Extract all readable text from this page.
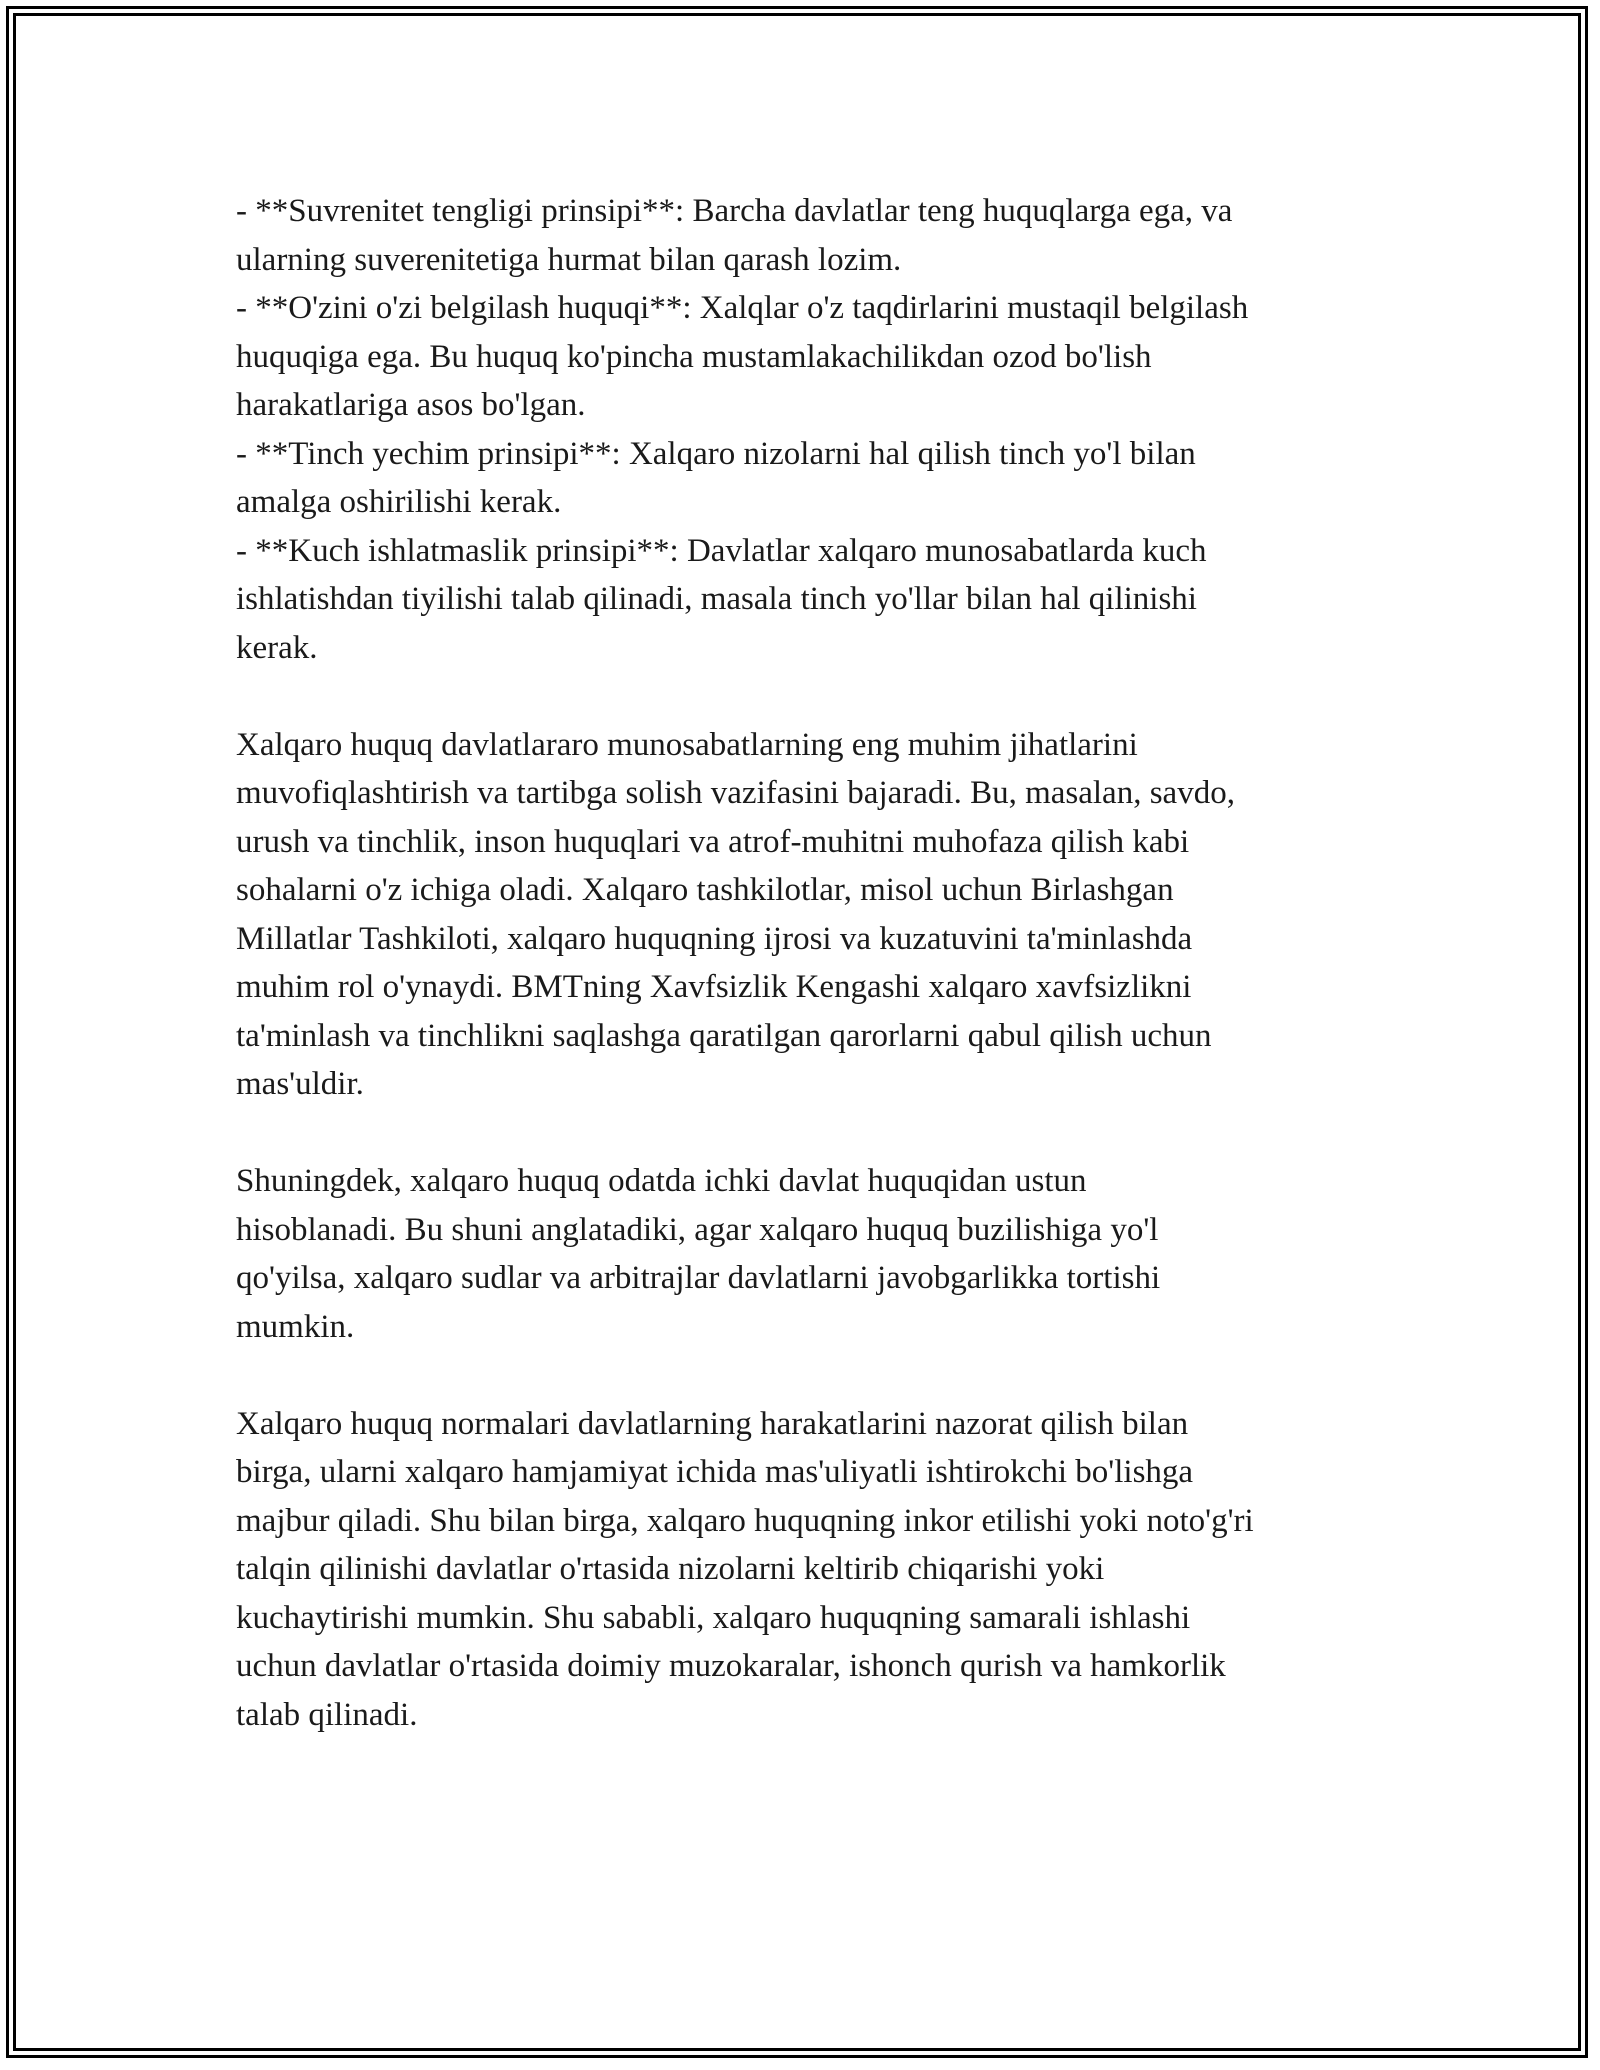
- **Suvrenitet tengligi prinsipi**: Barcha davlatlar teng huquqlarga ega, va
ularning suverenitetiga hurmat bilan qarash lozim.
- **O'zini o'zi belgilash huquqi**: Xalqlar o'z taqdirlarini mustaqil belgilash
huquqiga ega. Bu huquq ko'pincha mustamlakachilikdan ozod bo'lish
harakatlariga asos bo'lgan.
- **Tinch yechim prinsipi**: Xalqaro nizolarni hal qilish tinch yo'l bilan
amalga oshirilishi kerak.
- **Kuch ishlatmaslik prinsipi**: Davlatlar xalqaro munosabatlarda kuch
ishlatishdan tiyilishi talab qilinadi, masala tinch yo'llar bilan hal qilinishi
kerak.

Xalqaro huquq davlatlararo munosabatlarning eng muhim jihatlarini
muvofiqlashtirish va tartibga solish vazifasini bajaradi. Bu, masalan, savdo,
urush va tinchlik, inson huquqlari va atrof-muhitni muhofaza qilish kabi
sohalarni o'z ichiga oladi. Xalqaro tashkilotlar, misol uchun Birlashgan
Millatlar Tashkiloti, xalqaro huquqning ijrosi va kuzatuvini ta'minlashda
muhim rol o'ynaydi. BMTning Xavfsizlik Kengashi xalqaro xavfsizlikni
ta'minlash va tinchlikni saqlashga qaratilgan qarorlarni qabul qilish uchun
mas'uldir.

Shuningdek, xalqaro huquq odatda ichki davlat huquqidan ustun
hisoblanadi. Bu shuni anglatadiki, agar xalqaro huquq buzilishiga yo'l
qo'yilsa, xalqaro sudlar va arbitrajlar davlatlarni javobgarlikka tortishi
mumkin.

Xalqaro huquq normalari davlatlarning harakatlarini nazorat qilish bilan
birga, ularni xalqaro hamjamiyat ichida mas'uliyatli ishtirokchi bo'lishga
majbur qiladi. Shu bilan birga, xalqaro huquqning inkor etilishi yoki noto'g'ri
talqin qilinishi davlatlar o'rtasida nizolarni keltirib chiqarishi yoki
kuchaytirishi mumkin. Shu sababli, xalqaro huquqning samarali ishlashi
uchun davlatlar o'rtasida doimiy muzokaralar, ishonch qurish va hamkorlik
talab qilinadi.
